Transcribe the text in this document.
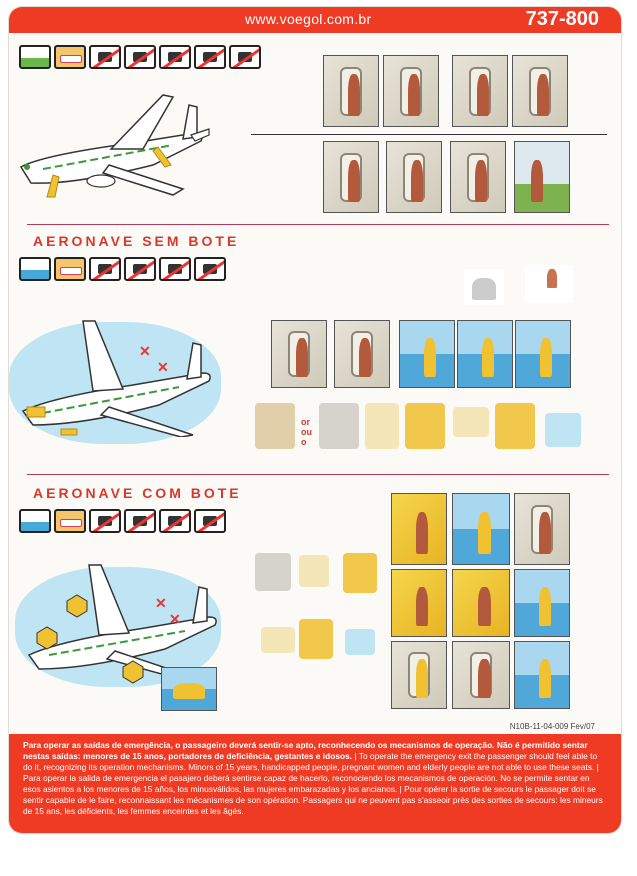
www.voegol.com.br	737-800
AERONAVE SEM BOTE
✕
✕
or
ou
o
AERONAVE COM BOTE
✕
✕
N10B-11-04-009 Fev/07
Para operar as saídas de emergência, o passageiro deverá sentir-se apto, reconhecendo os mecanismos de operação. Não é permitido sentar nestas saídas: menores de 15 anos, portadores de deficiência, gestantes e idosos. | To operate the emergency exit the passenger should feel able to do it, recognizing its operation mechanisms. Minors of 15 years, handicapped people, pregnant women and elderly people are not able to use these seats. | Para operar la salida de emergencia el pasajero deberá sentirse capaz de hacerlo, reconociendo los mecanismos de operación. No se permite sentar en esos asientos a los menores de 15 años, los minusválidos, las mujeres embarazadas y los ancianos. | Pour opérer la sortie de secours le passager doit se sentir capable de le faire, reconnaissant les mécanismes de son opération. Passagers qui ne peuvent pas s'asseoir près des sorties de secours: les mineurs de 15 ans, les déficients, les femmes enceintes et les âgés.
